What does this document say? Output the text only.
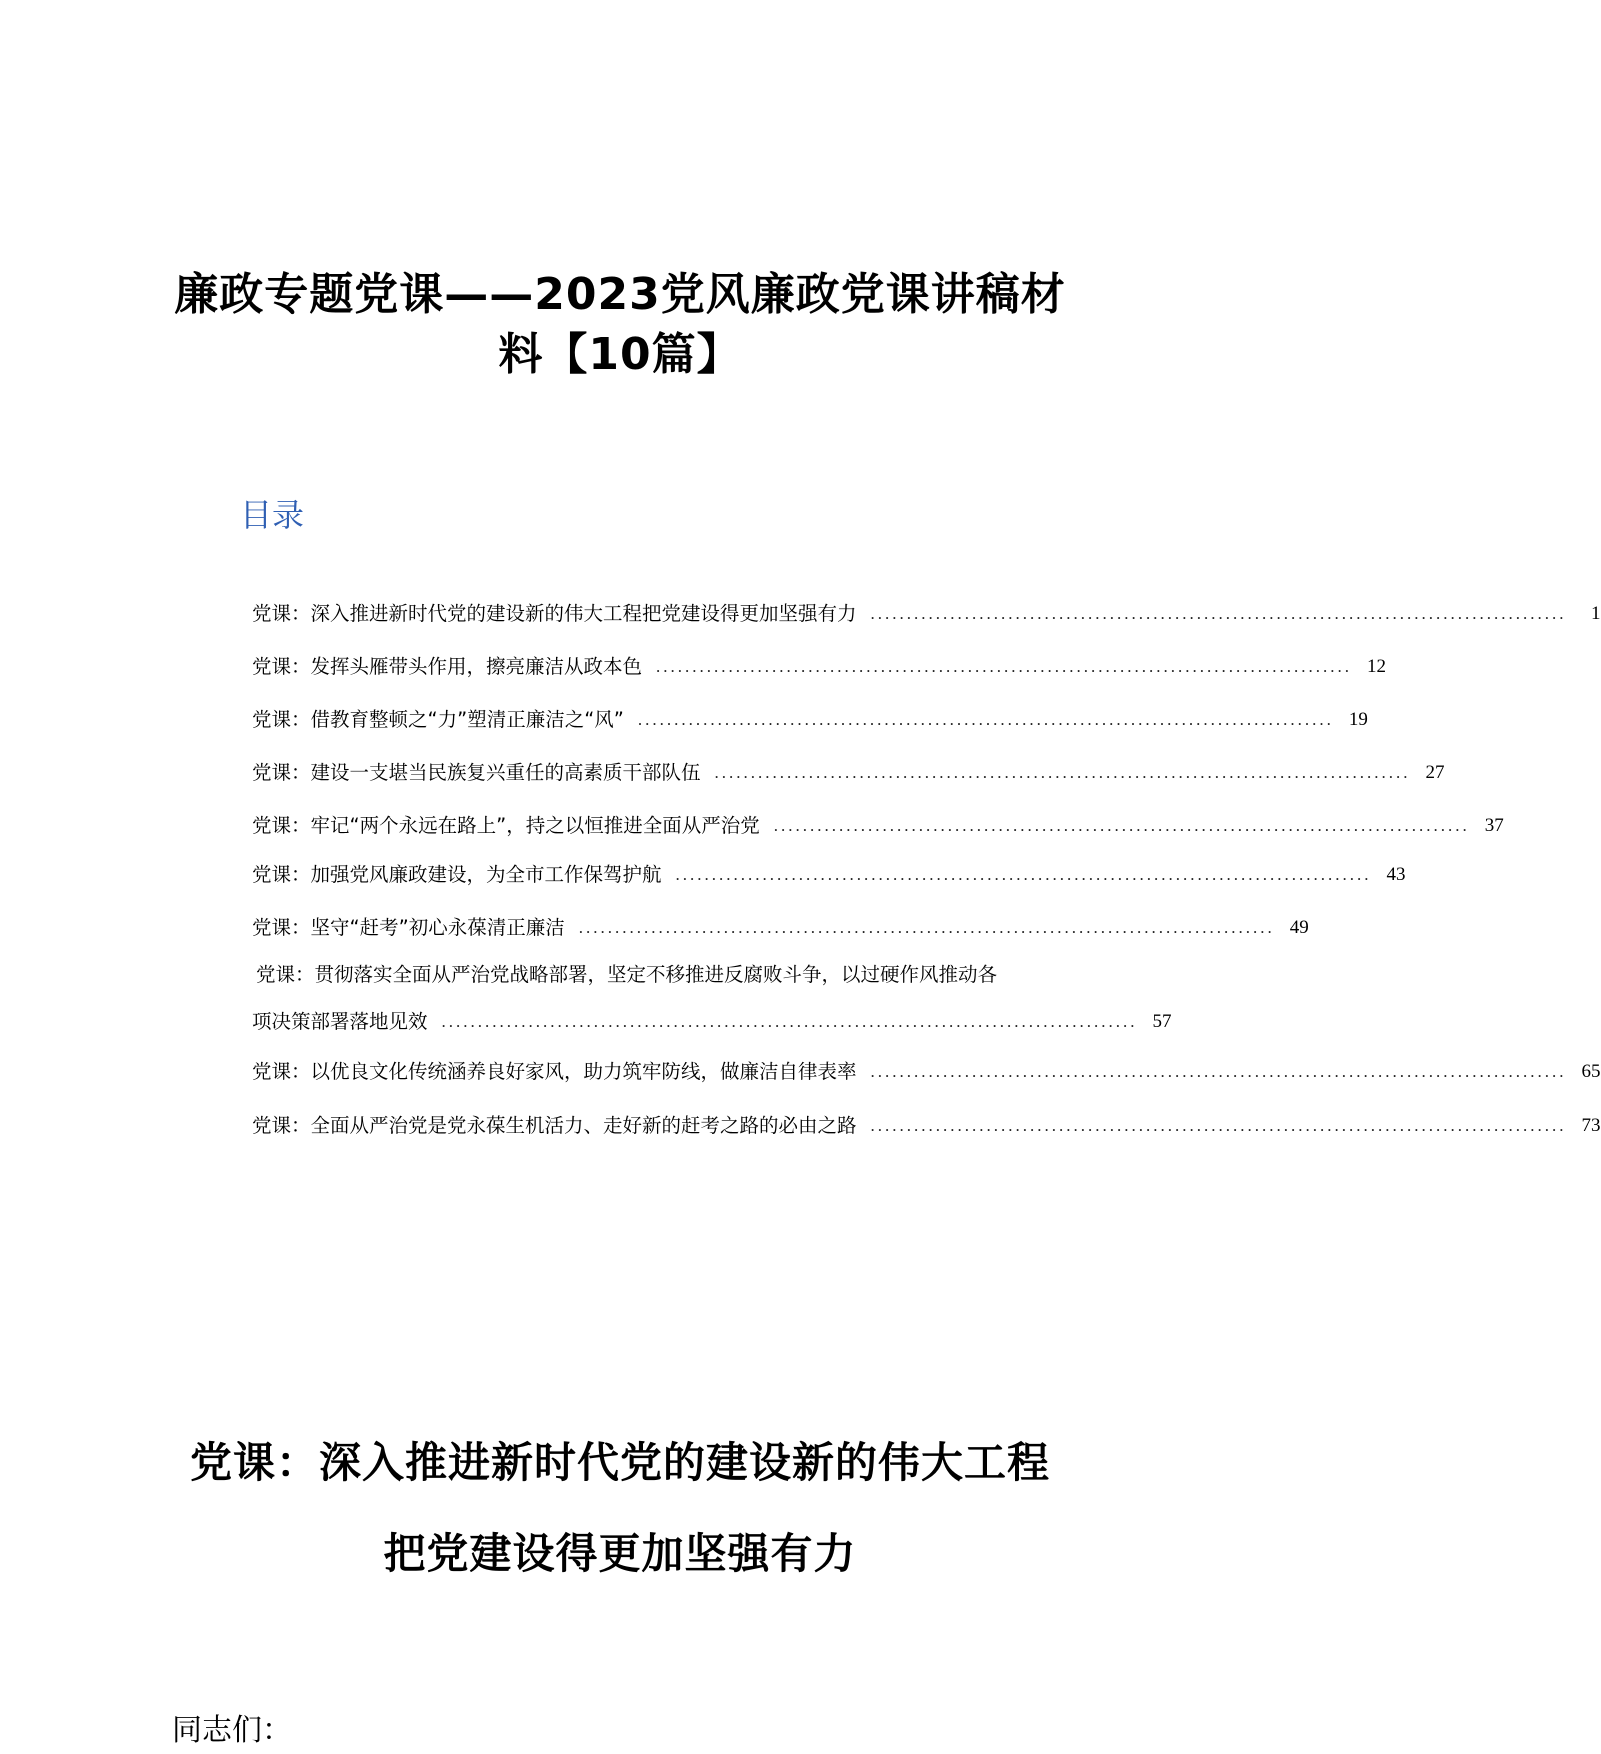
廉政专题党课——2023党风廉政党课讲稿材
料【10篇】
目录
党课：深入推进新时代党的建设新的伟大工程把党建设得更加坚强有力 ................................................................................................	1
党课：发挥头雁带头作用，擦亮廉洁从政本色 ................................................................................................ 12
党课：借教育整顿之“力”塑清正廉洁之“风” ................................................................................................ 19
党课：建设一支堪当民族复兴重任的高素质干部队伍 ................................................................................................ 27
党课：牢记“两个永远在路上”，持之以恒推进全面从严治党 ................................................................................................ 37
党课：加强党风廉政建设，为全市工作保驾护航 ................................................................................................ 43
党课：坚守“赶考”初心永葆清正廉洁 ................................................................................................ 49
党课：贯彻落实全面从严治党战略部署，坚定不移推进反腐败斗争，以过硬作风推动各
项决策部署落地见效 ................................................................................................ 57
党课：以优良文化传统涵养良好家风，助力筑牢防线，做廉洁自律表率 ................................................................................................ 65
党课：全面从严治党是党永葆生机活力、走好新的赶考之路的必由之路 ................................................................................................ 73
党课：深入推进新时代党的建设新的伟大工程
把党建设得更加坚强有力
同志们：
